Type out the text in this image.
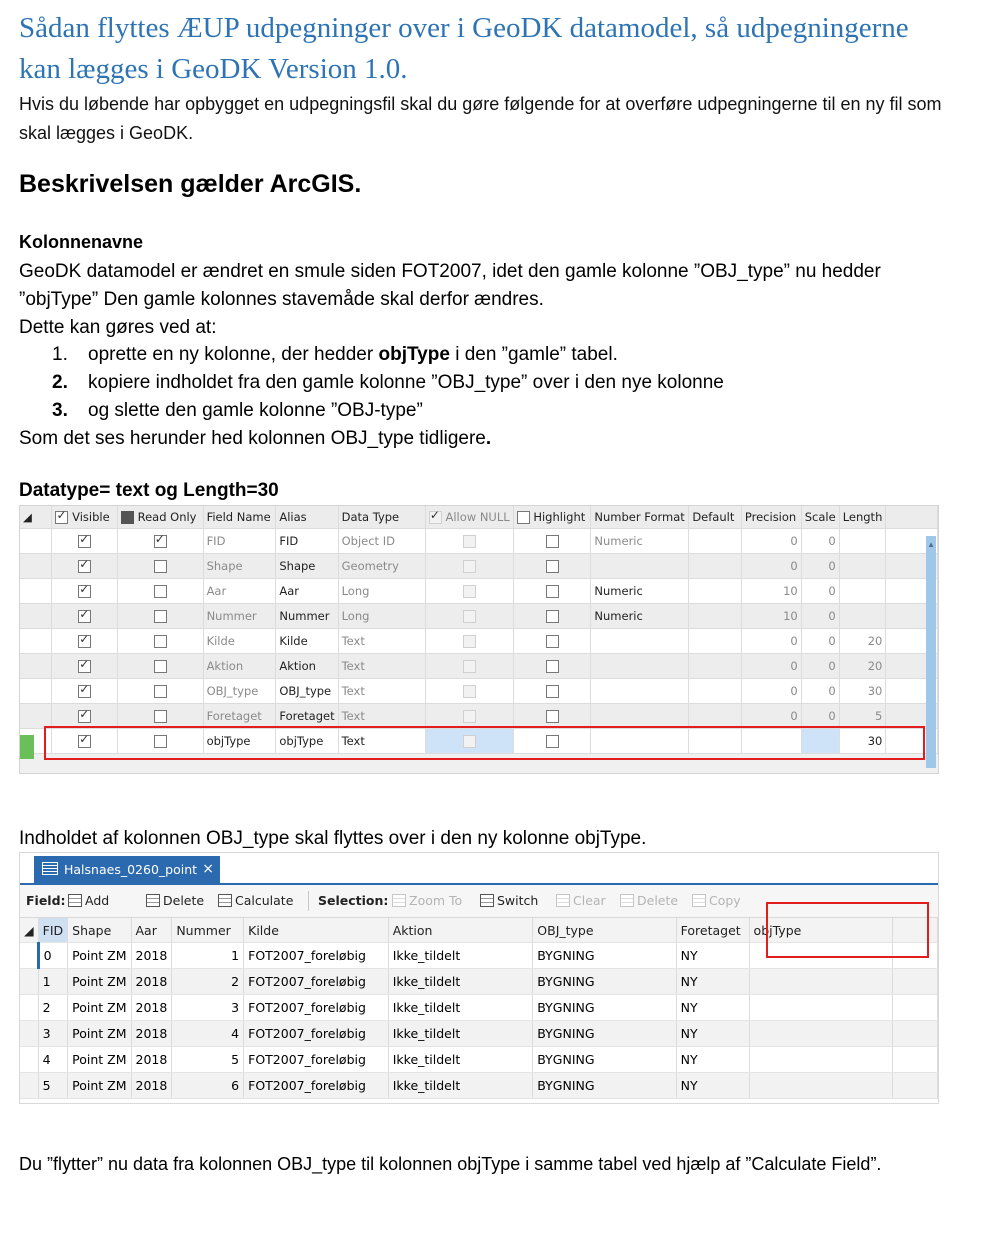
Sådan flyttes ÆUP udpegninger over i GeoDK datamodel, så udpegningerne kan lægges i GeoDK Version 1.0.
Hvis du løbende har opbygget en udpegningsfil skal du gøre følgende for at overføre udpegningerne til en ny fil som skal lægges i GeoDK.
Beskrivelsen gælder ArcGIS.
Kolonnenavne
GeoDK datamodel er ændret en smule siden FOT2007, idet den gamle kolonne ”OBJ_type” nu hedder ”objType” Den gamle kolonnes stavemåde skal derfor ændres.
Dette kan gøres ved at:
1.	oprette en ny kolonne, der hedder objType i den ”gamle” tabel.
2.	kopiere indholdet fra den gamle kolonne ”OBJ_type” over i den nye kolonne
3.	og slette den gamle kolonne ”OBJ-type”
Som det ses herunder hed kolonnen OBJ_type tidligere.
Datatype= text og Length=30
◢	✓Visible	Read Only	Field Name	Alias	Data Type	✓Allow NULL	Highlight	Number Format	Default	Precision	Scale	Length	
	✓	✓	FID	FID	Object ID			Numeric		0	0		
	✓		Shape	Shape	Geometry					0	0		
	✓		Aar	Aar	Long			Numeric		10	0		
	✓		Nummer	Nummer	Long			Numeric		10	0		
	✓		Kilde	Kilde	Text					0	0	20	
	✓		Aktion	Aktion	Text					0	0	20	
	✓		OBJ_type	OBJ_type	Text					0	0	30	
	✓		Foretaget	Foretaget	Text					0	0	5	
	✓		objType	objType	Text							30	
▲
Indholdet af kolonnen OBJ_type skal flyttes over i den ny kolonne objType.
Halsnaes_0260_point ×
Field:	Add	Delete	Calculate Selection:	Zoom To	Switch	Clear	Delete	Copy
◢	FID	Shape	Aar	Nummer	Kilde	Aktion	OBJ_type	Foretaget	objType	
	0	Point ZM	2018	1	FOT2007_foreløbig	Ikke_tildelt	BYGNING	NY		
	1	Point ZM	2018	2	FOT2007_foreløbig	Ikke_tildelt	BYGNING	NY		
	2	Point ZM	2018	3	FOT2007_foreløbig	Ikke_tildelt	BYGNING	NY		
	3	Point ZM	2018	4	FOT2007_foreløbig	Ikke_tildelt	BYGNING	NY		
	4	Point ZM	2018	5	FOT2007_foreløbig	Ikke_tildelt	BYGNING	NY		
	5	Point ZM	2018	6	FOT2007_foreløbig	Ikke_tildelt	BYGNING	NY		
Du ”flytter” nu data fra kolonnen OBJ_type til kolonnen objType i samme tabel ved hjælp af ”Calculate Field”.
